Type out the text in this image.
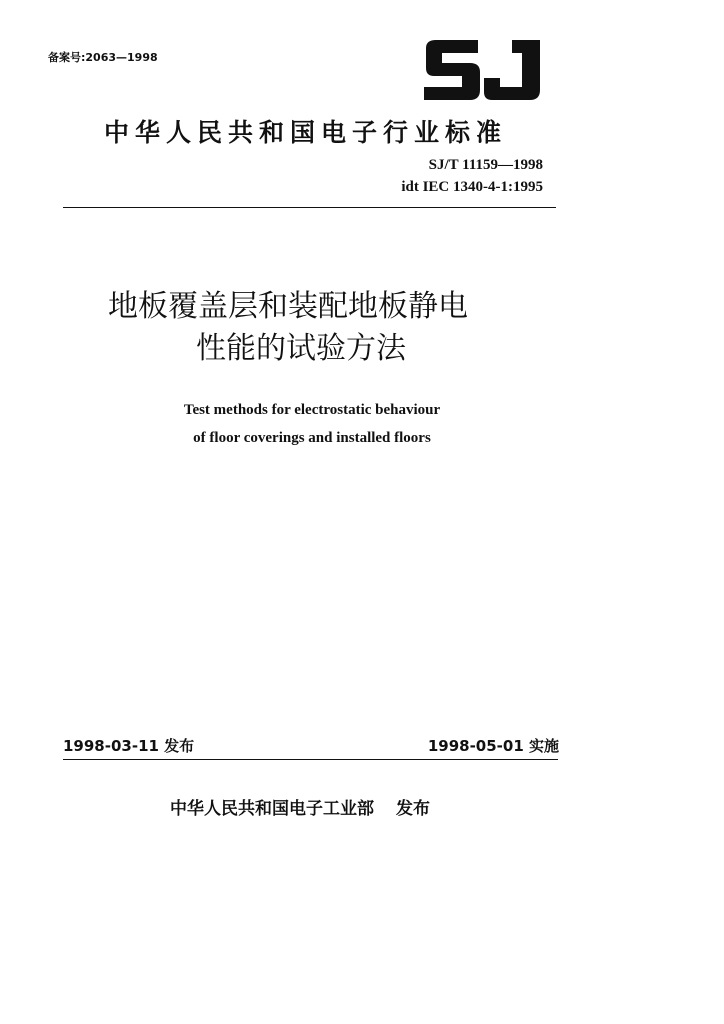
备案号:2063—1998
中华人民共和国电子行业标准
SJ/T 11159—1998
idt IEC 1340-4-1:1995
地板覆盖层和装配地板静电
性能的试验方法
Test methods for electrostatic behaviour
of floor coverings and installed floors
1998-03-11 发布	1998-05-01 实施
中华人民共和国电子工业部 发布
